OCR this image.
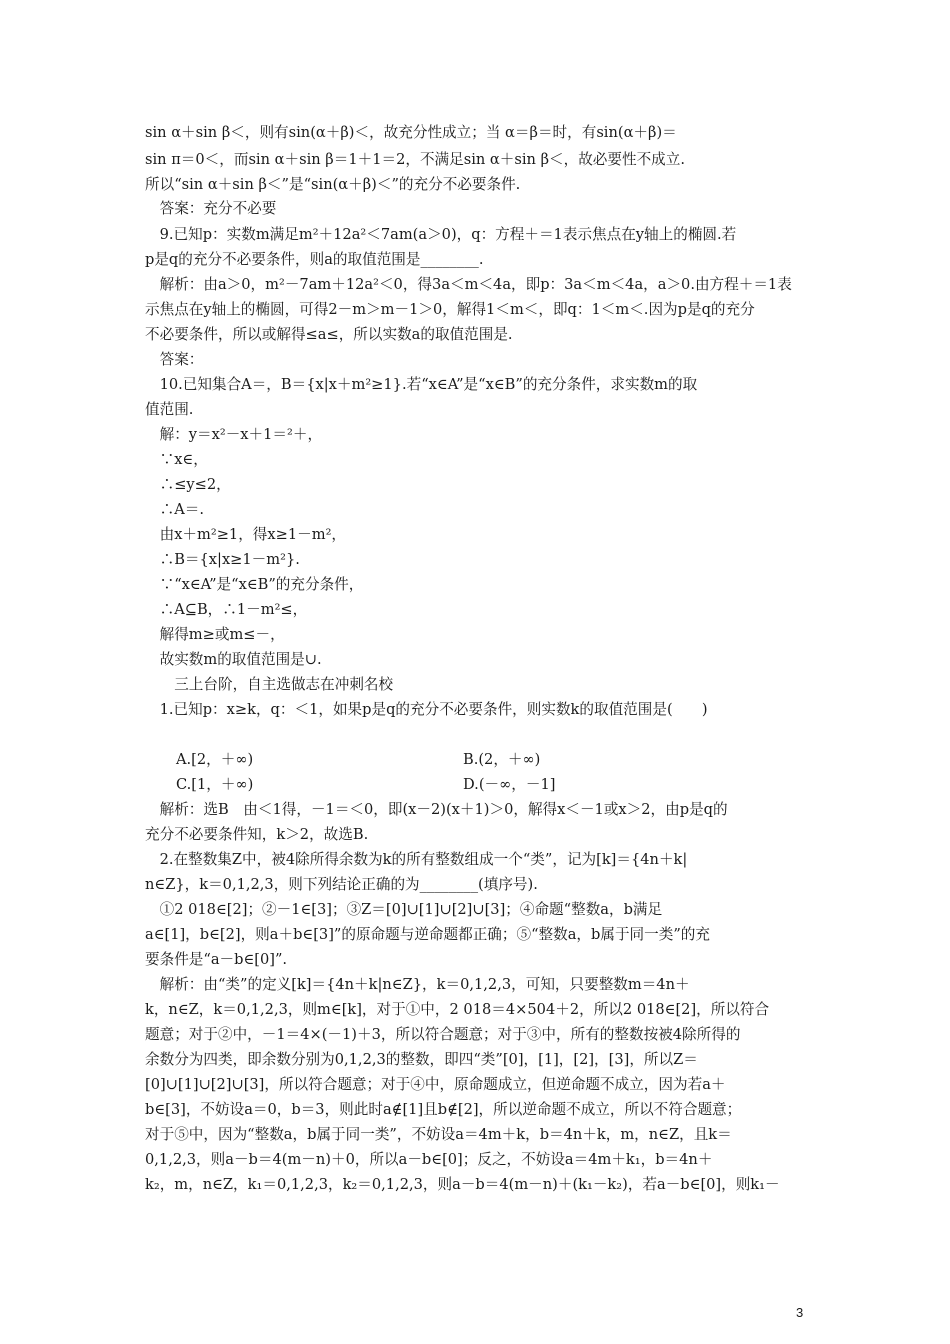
sin α＋sin β＜，则有sin(α＋β)＜，故充分性成立；当 α＝β＝时，有sin(α＋β)＝
sin π＝0＜，而sin α＋sin β＝1＋1＝2，不满足sin α＋sin β＜，故必要性不成立.
所以“sin α＋sin β＜”是“sin(α＋β)＜”的充分不必要条件.
　答案：充分不必要
　9.已知p：实数m满足m²＋12a²＜7am(a＞0)，q：方程＋＝1表示焦点在y轴上的椭圆.若
p是q的充分不必要条件，则a的取值范围是________.
　解析：由a＞0，m²－7am＋12a²＜0，得3a＜m＜4a，即p：3a＜m＜4a，a＞0.由方程＋＝1表
示焦点在y轴上的椭圆，可得2－m＞m－1＞0，解得1＜m＜，即q：1＜m＜.因为p是q的充分
不必要条件，所以或解得≤a≤，所以实数a的取值范围是.
　答案：
　10.已知集合A＝，B＝{x|x＋m²≥1}.若“x∈A”是“x∈B”的充分条件，求实数m的取
值范围.
　解：y＝x²－x＋1＝²＋，
　∵x∈，
　∴≤y≤2，
　∴A＝.
　由x＋m²≥1，得x≥1－m²，
　∴B＝{x|x≥1－m²}.
　∵“x∈A”是“x∈B”的充分条件，
　∴A⊆B，∴1－m²≤，
　解得m≥或m≤－，
　故实数m的取值范围是∪.
　　三上台阶，自主选做志在冲刺名校
　1.已知p：x≥k，q：＜1，如果p是q的充分不必要条件，则实数k的取值范围是(　　)
　解析：选B　由＜1得，－1＝＜0，即(x－2)(x＋1)＞0，解得x＜－1或x＞2，由p是q的
充分不必要条件知，k＞2，故选B.
　2.在整数集Z中，被4除所得余数为k的所有整数组成一个“类”，记为[k]＝{4n＋k|
n∈Z}，k＝0,1,2,3，则下列结论正确的为________(填序号).
　①2 018∈[2]；②－1∈[3]；③Z＝[0]∪[1]∪[2]∪[3]；④命题“整数a，b满足
a∈[1]，b∈[2]，则a＋b∈[3]”的原命题与逆命题都正确；⑤“整数a，b属于同一类”的充
要条件是“a－b∈[0]”.
　解析：由“类”的定义[k]＝{4n＋k|n∈Z}，k＝0,1,2,3，可知，只要整数m＝4n＋
k，n∈Z，k＝0,1,2,3，则m∈[k]，对于①中，2 018＝4×504＋2，所以2 018∈[2]，所以符合
题意；对于②中，－1＝4×(－1)＋3，所以符合题意；对于③中，所有的整数按被4除所得的
余数分为四类，即余数分别为0,1,2,3的整数，即四“类”[0]，[1]，[2]，[3]，所以Z＝
[0]∪[1]∪[2]∪[3]，所以符合题意；对于④中，原命题成立，但逆命题不成立，因为若a＋
b∈[3]，不妨设a＝0，b＝3，则此时a∉[1]且b∉[2]，所以逆命题不成立，所以不符合题意；
对于⑤中，因为“整数a，b属于同一类”，不妨设a＝4m＋k，b＝4n＋k，m，n∈Z，且k＝
0,1,2,3，则a－b＝4(m－n)＋0，所以a－b∈[0]；反之，不妨设a＝4m＋k₁，b＝4n＋
k₂，m，n∈Z，k₁＝0,1,2,3，k₂＝0,1,2,3，则a－b＝4(m－n)＋(k₁－k₂)，若a－b∈[0]，则k₁－
A.[2，＋∞)	B.(2，＋∞)
C.[1，＋∞)	D.(－∞，－1]
3
